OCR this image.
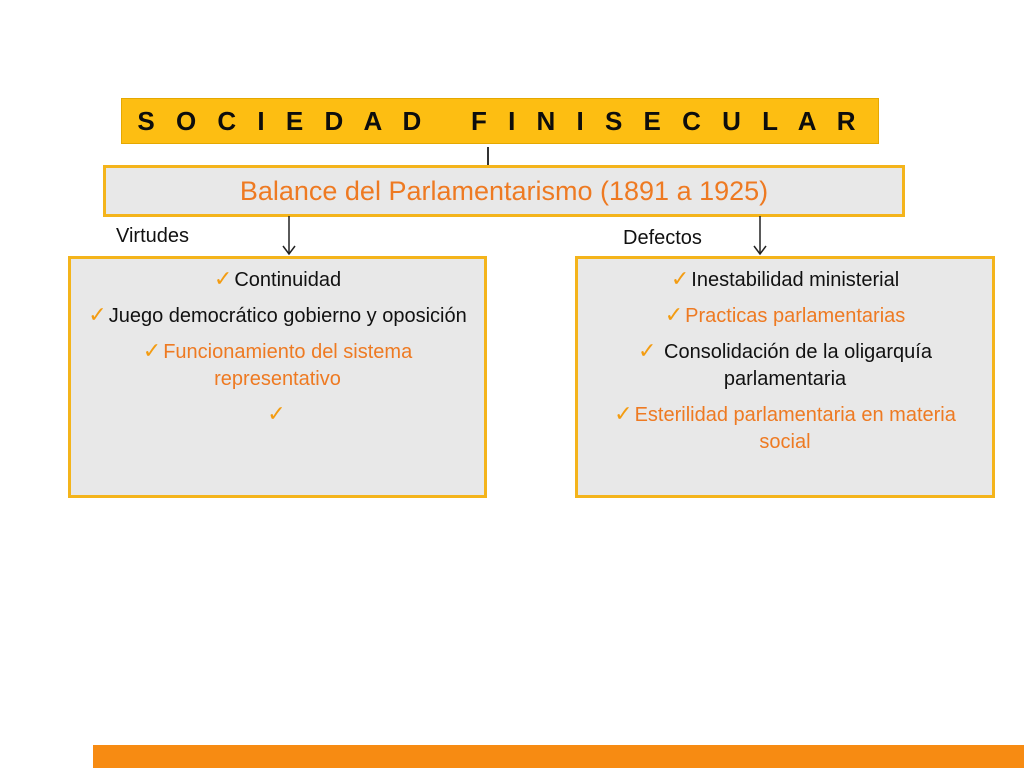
S O C I E D A D   F I N I S E C U L A R
Balance del Parlamentarismo (1891 a 1925)
Virtudes	Defectos
✓ Continuidad
✓ Juego democrático gobierno y oposición
✓ Funcionamiento del sistema representativo
✓
✓ Inestabilidad ministerial
✓ Practicas parlamentarias
✓ Consolidación de la oligarquía parlamentaria
✓ Esterilidad parlamentaria en materia social
